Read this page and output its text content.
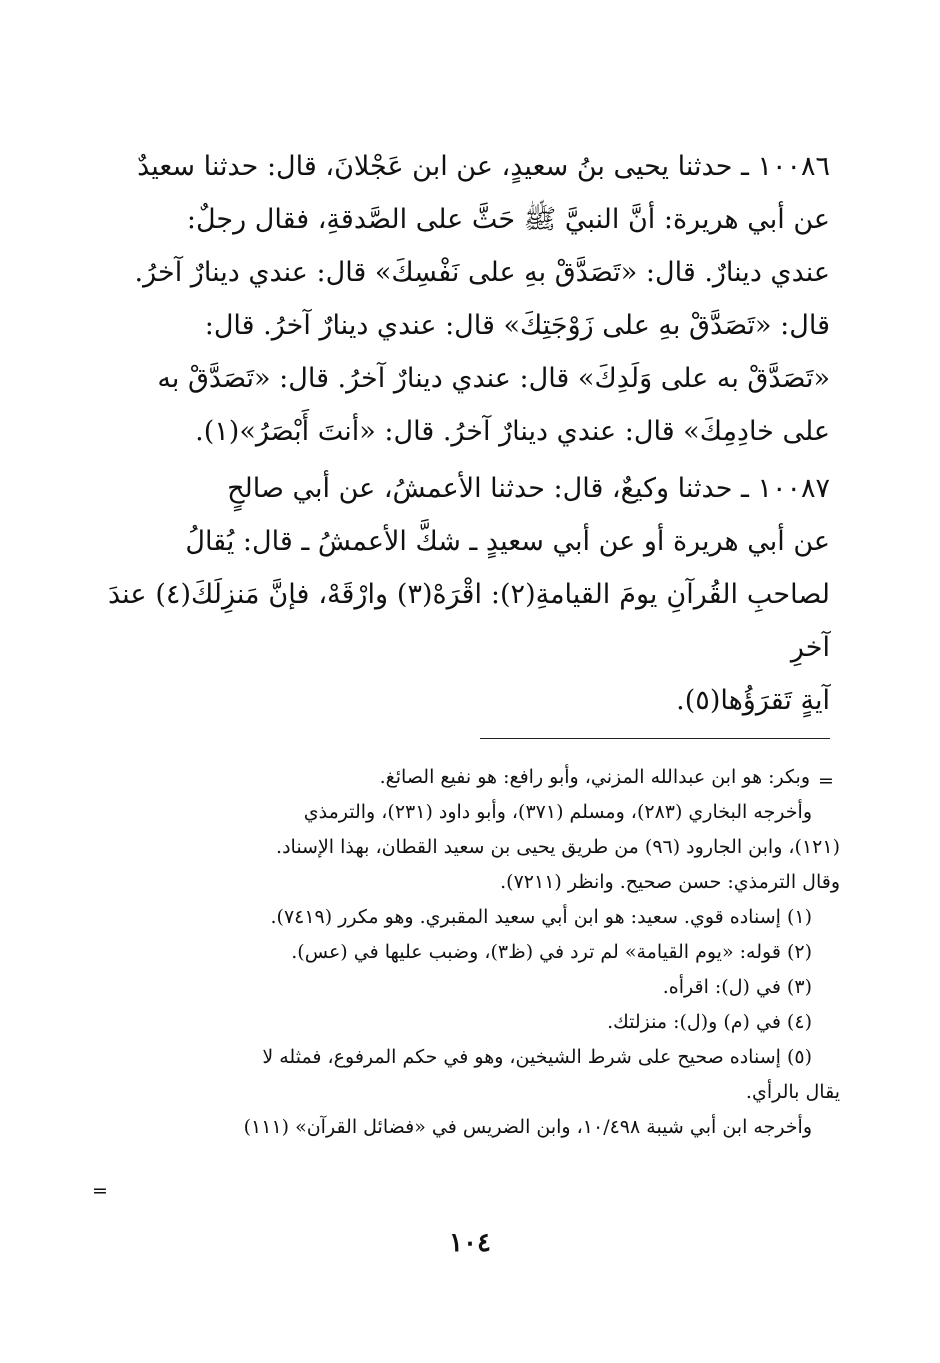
١٠٠٨٦ ـ حدثنا يحيى بنُ سعيدٍ، عن ابن عَجْلانَ، قال: حدثنا سعيدٌ
عن أبي هريرة: أنَّ النبيَّ ﷺ حَثَّ على الصَّدقةِ، فقال رجلٌ:
عندي دينارٌ. قال: «تَصَدَّقْ بهِ على نَفْسِكَ» قال: عندي دينارٌ آخرُ.
قال: «تَصَدَّقْ بهِ على زَوْجَتِكَ» قال: عندي دينارٌ آخرُ. قال:
«تَصَدَّقْ به على وَلَدِكَ» قال: عندي دينارٌ آخرُ. قال: «تَصَدَّقْ به
على خادِمِكَ» قال: عندي دينارٌ آخرُ. قال: «أنتَ أَبْصَرُ»(١).

١٠٠٨٧ ـ حدثنا وكيعٌ، قال: حدثنا الأعمشُ، عن أبي صالحٍ
عن أبي هريرة أو عن أبي سعيدٍ ـ شكَّ الأعمشُ ـ قال: يُقالُ
لصاحبِ القُرآنِ يومَ القيامةِ(٢): اقْرَهْ(٣) وارْقَهْ، فإنَّ مَنزِلَكَ(٤) عندَ آخرِ
آيةٍ تَقرَؤُها(٥).

=

وبكر: هو ابن عبدالله المزني، وأبو رافع: هو نفيع الصائغ.

وأخرجه البخاري (٢٨٣)، ومسلم (٣٧١)، وأبو داود (٢٣١)، والترمذي

(١٢١)، وابن الجارود (٩٦) من طريق يحيى بن سعيد القطان، بهذا الإسناد.

وقال الترمذي: حسن صحيح. وانظر (٧٢١١).

(١) إسناده قوي. سعيد: هو ابن أبي سعيد المقبري. وهو مكرر (٧٤١٩).

(٢) قوله: «يوم القيامة» لم ترد في (ظ٣)، وضبب عليها في (عس).

(٣) في (ل): اقرأه.

(٤) في (م) و(ل): منزلتك.

(٥) إسناده صحيح على شرط الشيخين، وهو في حكم المرفوع، فمثله لا

يقال بالرأي.

وأخرجه ابن أبي شيبة ١٠/٤٩٨، وابن الضريس في «فضائل القرآن» (١١١)

=
١٠٤
